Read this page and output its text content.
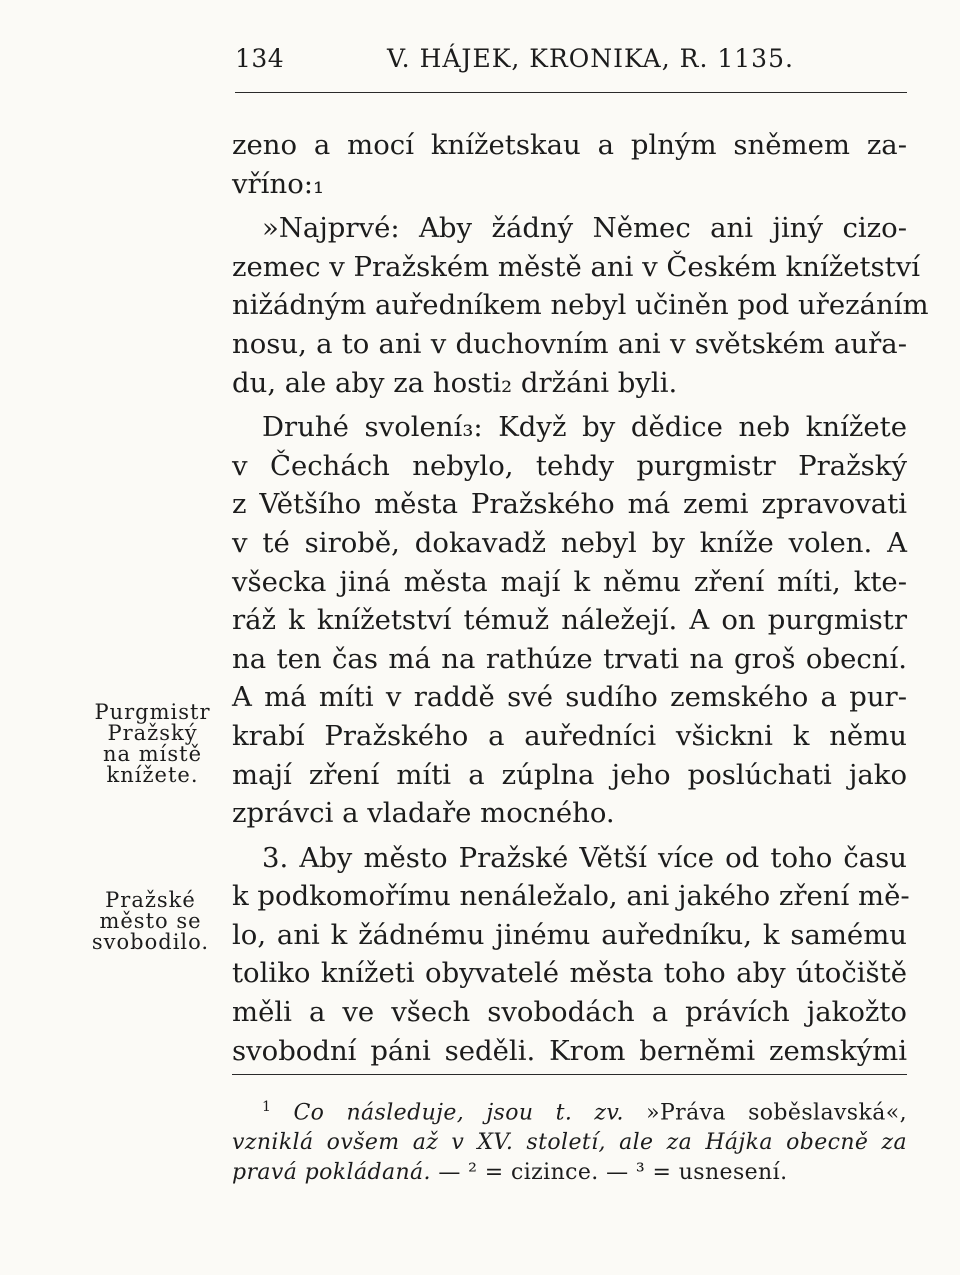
134	V. HÁJEK, KRONIKA, R. 1135.
zeno a mocí knížetskau a plným sněmem za-
vříno:₁
»Najprvé: Aby žádný Němec ani jiný cizo-
zemec v Pražském městě ani v Českém knížetství
nižádným auředníkem nebyl učiněn pod uřezáním
nosu, a to ani v duchovním ani v světském auřa-
du, ale aby za hosti₂ držáni byli.
Druhé svolení₃: Když by dědice neb knížete
v Čechách nebylo, tehdy purgmistr Pražský
z Většího města Pražského má zemi zpravovati
v té sirobě, dokavadž nebyl by kníže volen. A
všecka jiná města mají k němu zření míti, kte-
ráž k knížetství témuž náležejí. A on purgmistr
na ten čas má na rathúze trvati na groš obecní.
A má míti v raddě své sudího zemského a pur-
krabí Pražského a auředníci všickni k němu
mají zření míti a zúplna jeho poslúchati jako
zprávci a vladaře mocného.
3. Aby město Pražské Větší více od toho času
k podkomořímu nenáležalo, ani jakého zření mě-
lo, ani k žádnému jinému auředníku, k samému
toliko knížeti obyvatelé města toho aby útočiště
měli a ve všech svobodách a právích jakožto
svobodní páni seděli. Krom berněmi zemskými
Purgmistr
Pražský
na místě
knížete.
Pražské
město se
svobodilo.
$^1$ Co následuje, jsou t. zv. »Práva soběslavská«,
vzniklá ovšem až v XV. století, ale za Hájka obecně za
pravá pokládaná. — ² = cizince. — ³ = usnesení.
